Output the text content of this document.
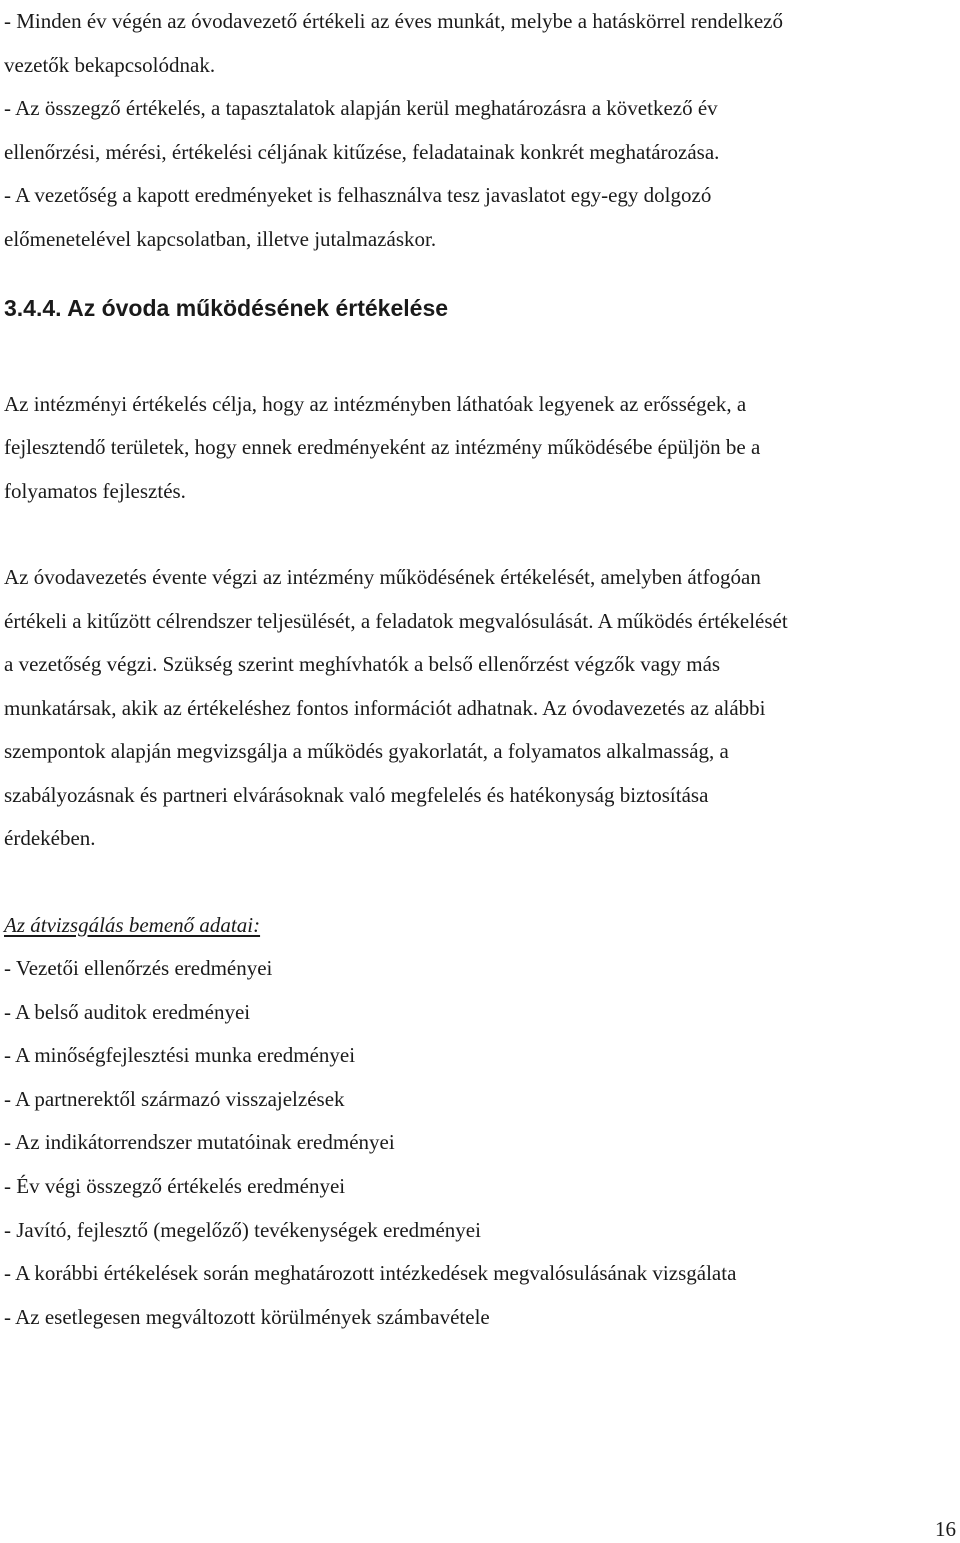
- Minden év végén az óvodavezető értékeli az éves munkát, melybe a hatáskörrel rendelkező

vezetők bekapcsolódnak.

- Az összegző értékelés, a tapasztalatok alapján kerül meghatározásra a következő év

ellenőrzési, mérési, értékelési céljának kitűzése, feladatainak konkrét meghatározása.

- A vezetőség a kapott eredményeket is felhasználva tesz javaslatot egy-egy dolgozó

előmenetelével kapcsolatban, illetve jutalmazáskor.

3.4.4. Az óvoda működésének értékelése

Az intézményi értékelés célja, hogy az intézményben láthatóak legyenek az erősségek, a

fejlesztendő területek, hogy ennek eredményeként az intézmény működésébe épüljön be a

folyamatos fejlesztés.

Az óvodavezetés évente végzi az intézmény működésének értékelését, amelyben átfogóan

értékeli a kitűzött célrendszer teljesülését, a feladatok megvalósulását. A működés értékelését

a vezetőség végzi. Szükség szerint meghívhatók a belső ellenőrzést végzők vagy más

munkatársak, akik az értékeléshez fontos információt adhatnak. Az óvodavezetés az alábbi

szempontok alapján megvizsgálja a működés gyakorlatát, a folyamatos alkalmasság, a

szabályozásnak és partneri elvárásoknak való megfelelés és hatékonyság biztosítása

érdekében.

Az átvizsgálás bemenő adatai:

- Vezetői ellenőrzés eredményei

- A belső auditok eredményei

- A minőségfejlesztési munka eredményei

- A partnerektől származó visszajelzések

- Az indikátorrendszer mutatóinak eredményei

- Év végi összegző értékelés eredményei

- Javító, fejlesztő (megelőző) tevékenységek eredményei

- A korábbi értékelések során meghatározott intézkedések megvalósulásának vizsgálata

- Az esetlegesen megváltozott körülmények számbavétele

16
